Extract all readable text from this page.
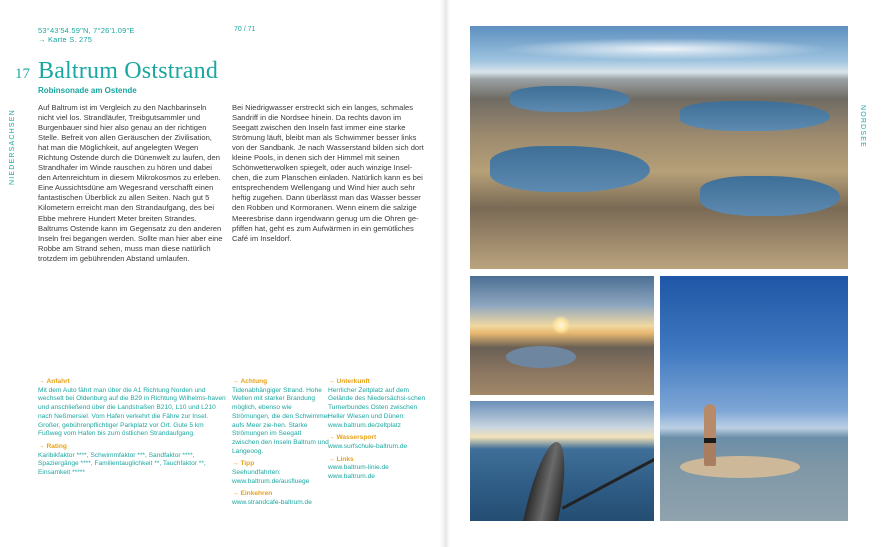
53°43'54.59"N, 7°26'1.09"E
→ Karte S. 275
70 / 71
17 Baltrum Oststrand
Robinsonade am Ostende
NIEDERSACHSEN
Auf Baltrum ist im Vergleich zu den Nachbarinseln nicht viel los. Strandläufer, Treibgutsammler und Burgenbauer sind hier also genau an der richtigen Stelle. Befreit von allen Geräuschen der Zivilisation, hat man die Möglichkeit, auf angelegten Wegen Richtung Ostende durch die Dünenwelt zu laufen, den Strandhafer im Winde rauschen zu hören und dabei den Artenreichtum in diesem Mikrokosmos zu erleben. Eine Aussichtsdüne am Wegesrand verschafft einen fantastischen Überblick zu allen Seiten. Nach gut 5 Kilometern erreicht man den Strandaufgang, des bei Ebbe mehrere Hundert Meter breiten Strandes. Baltrums Ostende kann im Gegensatz zu den anderen Inseln frei begangen werden. Sollte man hier aber eine Robbe am Strand sehen, muss man diese natürlich trotzdem im gebührenden Abstand umlaufen.
Bei Niedrigwasser erstreckt sich ein langes, schmales Sandriff in die Nordsee hinein. Da rechts davon im Seegatt zwischen den Inseln fast immer eine starke Strömung läuft, bleibt man als Schwimmer besser links von der Sandbank. Je nach Wasserstand bilden sich dort kleine Pools, in denen sich der Himmel mit seinen Schönwetterwolken spiegelt, oder auch winzige Insel-chen, die zum Planschen einladen. Natürlich kann es bei entsprechendem Wellengang und Wind hier auch sehr heftig zugehen. Dann überlässt man das Wasser besser den Robben und Kormoranen. Wenn einem die salzige Meeresbrise dann irgendwann genug um die Ohren ge-pfiffen hat, geht es zum Aufwärmen in ein gemütliches Café im Inseldorf.

→ Anfahrt

Mit dem Auto fährt man über die A1 Richtung Norden und wechselt bei Oldenburg auf die B29 in Richtung Wilhelms-haven und anschließend über die Landstraßen B210, L10 und L210 nach Neßmersiel. Vom Hafen verkehrt die Fähre zur Insel. Großer, gebührenpflichtiger Parkplatz vor Ort. Gute 5 km Fußweg vom Hafen bis zum östlichen Strandaufgang.

→ Rating

Karibikfaktor ****, Schwimmfaktor ***, Sandfaktor ****, Spaziergänge ****, Familientauglichkeit **, Tauchfaktor **, Einsamkeit *****

→ Achtung

Tidenabhängiger Strand. Hohe Wellen mit starker Brandung möglich, ebenso wie Strömungen, die den Schwimmer aufs Meer zie-hen. Starke Strömungen im Seegatt zwischen den Inseln Baltrum und Langeoog.

→ Tipp

Seehundfahrten: www.baltrum.de/ausfluege

→ Einkehren

www.strandcafe-baltrum.de

→ Unterkunft

Herrlicher Zeltplatz auf dem Gelände des Niedersächsi-schen Turnerbundes Osten zwischen Heller Wiesen und Dünen:

www.baltrum.de/zeltplatz

→ Wassersport

www.surfschule-baltrum.de

→ Links

www.baltrum-linie.de

www.baltrum.de

NORDSEE
